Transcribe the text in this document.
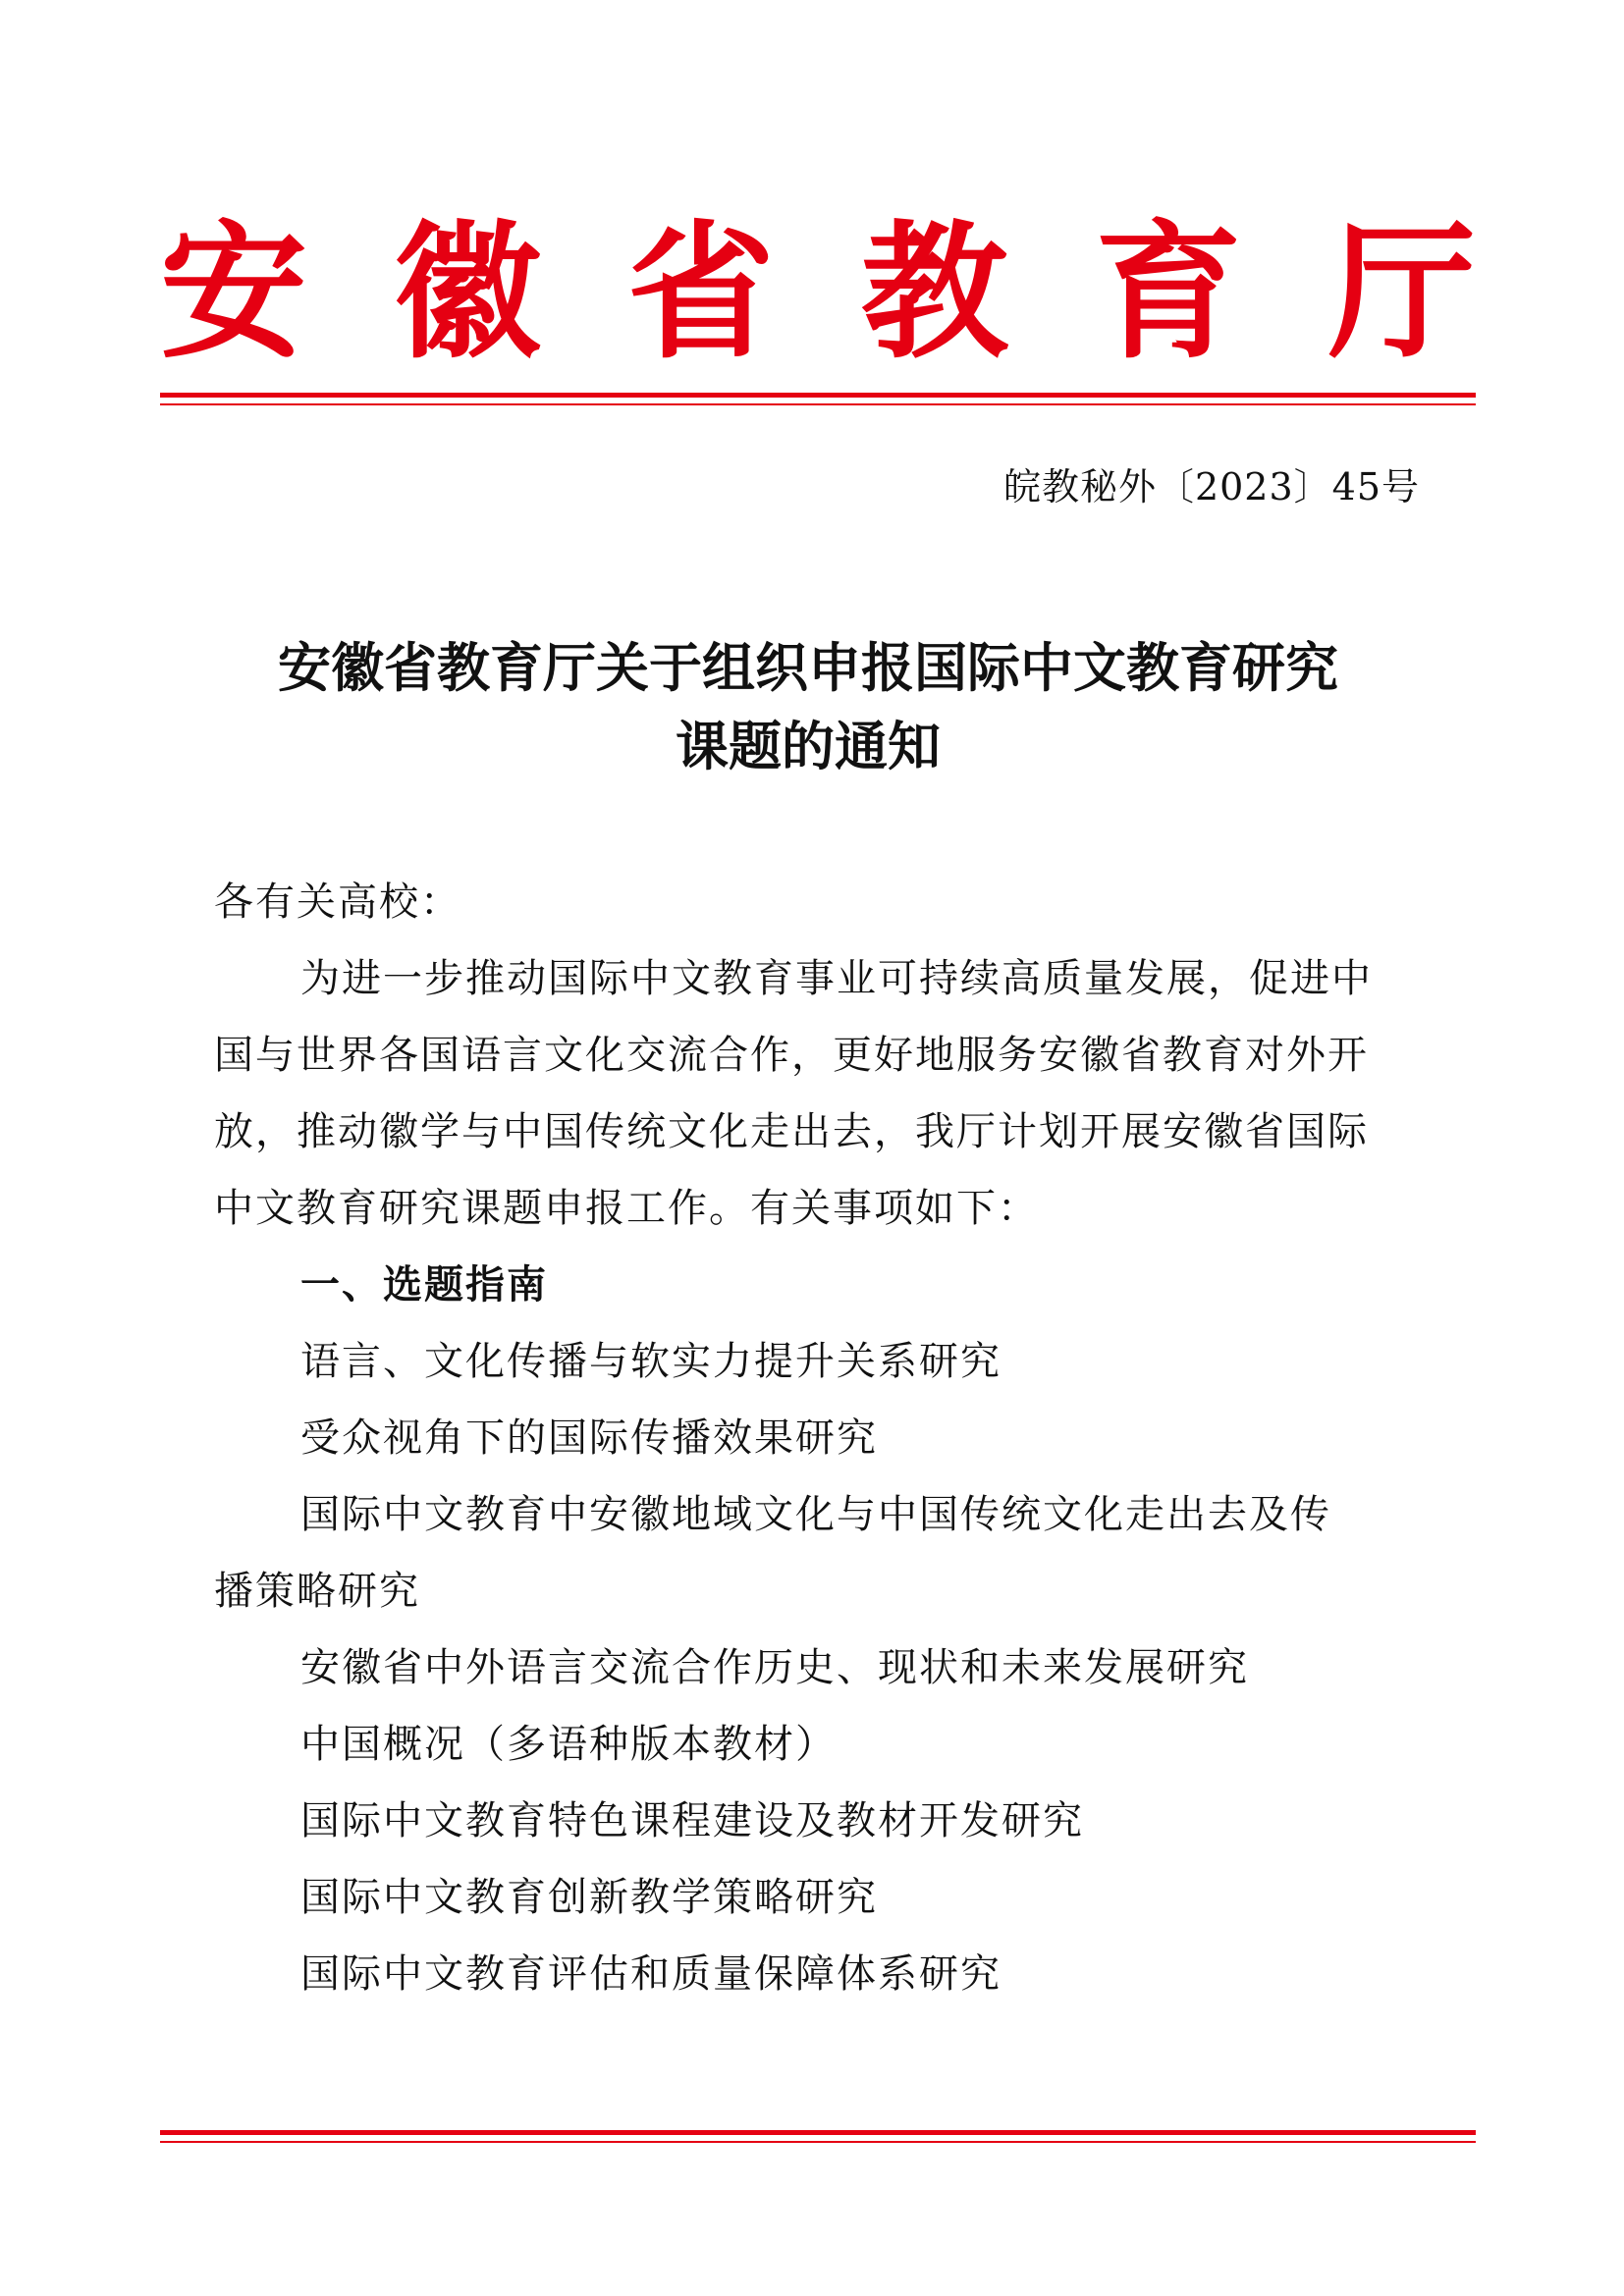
安 徽 省 教 育 厅
皖教秘外〔2023〕45号
安徽省教育厅关于组织申报国际中文教育研究
课题的通知

各有关高校：

为进一步推动国际中文教育事业可持续高质量发展，促进中

国与世界各国语言文化交流合作，更好地服务安徽省教育对外开

放，推动徽学与中国传统文化走出去，我厅计划开展安徽省国际

中文教育研究课题申报工作。有关事项如下：

一、选题指南

语言、文化传播与软实力提升关系研究

受众视角下的国际传播效果研究

国际中文教育中安徽地域文化与中国传统文化走出去及传

播策略研究

安徽省中外语言交流合作历史、现状和未来发展研究

中国概况（多语种版本教材）

国际中文教育特色课程建设及教材开发研究

国际中文教育创新教学策略研究

国际中文教育评估和质量保障体系研究
